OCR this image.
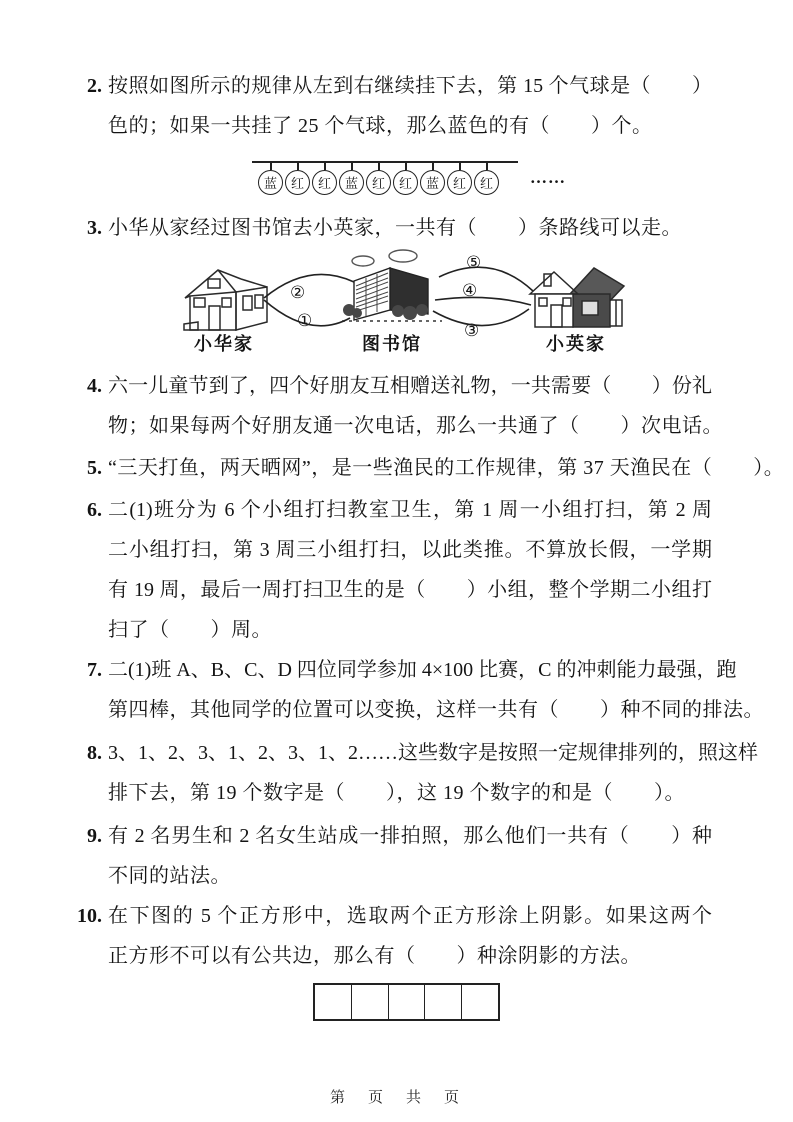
2. 按照如图所示的规律从左到右继续挂下去，第 15 个气球是（　　）
色的；如果一共挂了 25 个气球，那么蓝色的有（　　）个。
蓝 红 红 蓝 红 红 蓝 红 红 ……
3. 小华从家经过图书馆去小英家，一共有（　　）条路线可以走。
②
①
⑤
④
③
小华家	图书馆	小英家
4. 六一儿童节到了，四个好朋友互相赠送礼物，一共需要（　　）份礼
物；如果每两个好朋友通一次电话，那么一共通了（　　）次电话。
5. “三天打鱼，两天晒网”，是一些渔民的工作规律，第 37 天渔民在（　　）。
6. 二(1)班分为 6 个小组打扫教室卫生，第 1 周一小组打扫，第 2 周
二小组打扫，第 3 周三小组打扫，以此类推。不算放长假，一学期
有 19 周，最后一周打扫卫生的是（　　）小组，整个学期二小组打
扫了（　　）周。
7. 二(1)班 A、B、C、D 四位同学参加 4×100 比赛，C 的冲刺能力最强，跑
第四棒，其他同学的位置可以变换，这样一共有（　　）种不同的排法。
8. 3、1、2、3、1、2、3、1、2……这些数字是按照一定规律排列的，照这样
排下去，第 19 个数字是（　　），这 19 个数字的和是（　　）。
9. 有 2 名男生和 2 名女生站成一排拍照，那么他们一共有（　　）种
不同的站法。
10. 在下图的 5 个正方形中，选取两个正方形涂上阴影。如果这两个
正方形不可以有公共边，那么有（　　）种涂阴影的方法。
第　页　共　页
